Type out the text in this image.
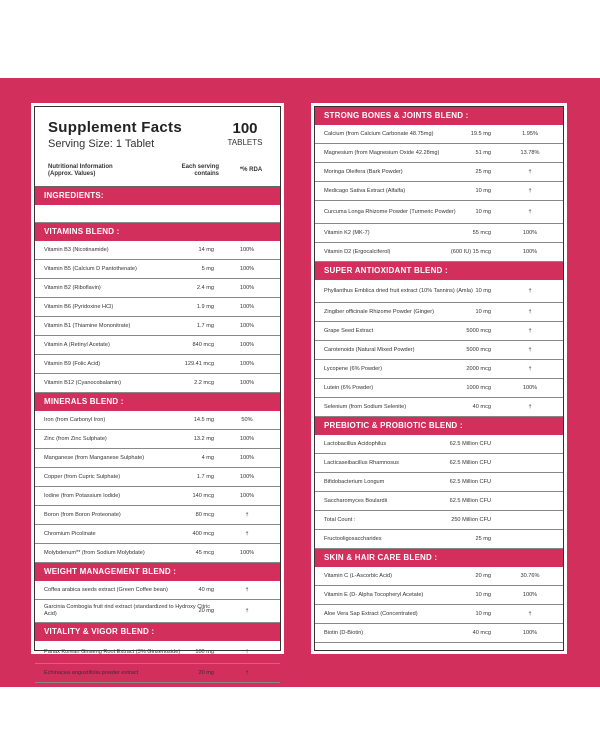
Supplement Facts
Serving Size: 1 Tablet
100
TABLETS
Nutritional Information (Approx. Values)
Each serving contains
*% RDA
INGREDIENTS:
VITAMINS BLEND :
Vitamin B3 (Nicotinamide)	14 mg	100%
Vitamin B5 (Calcium D Pantothenate)	5 mg	100%
Vitamin B2 (Riboflavin)	2.4 mg	100%
Vitamin B6 (Pyridoxine HCl)	1.9 mg	100%
Vitamin B1 (Thiamine Mononitrate)	1.7 mg	100%
Vitamin A (Retinyl Acetate)	840 mcg	100%
Vitamin B9 (Folic Acid)	129.41 mcg	100%
Vitamin B12 (Cyanocobalamin)	2.2 mcg	100%
MINERALS BLEND :
Iron (from Carbonyl Iron)	14.5 mg	50%
Zinc (from Zinc Sulphate)	13.2 mg	100%
Manganese (from Manganese Sulphate)	4 mg	100%
Copper (from Cupric Sulphate)	1.7 mg	100%
Iodine (from Potassium Iodide)	140 mcg	100%
Boron (from Boron Proteonate)	80 mcg	†
Chromium Picolinate	400 mcg	†
Molybdenum** (from Sodium Molybdate)	45 mcg	100%
WEIGHT MANAGEMENT BLEND :
Coffea arabica seeds extract (Green Coffee bean)	40 mg	†
Garcinia Combogia fruit rind extract (standardized to Hydroxy Citric Acid)	20 mg	†
VITALITY & VIGOR BLEND :
Panax Korean Ginseng Root Extract (3% Ginsenoside)	100 mg	†
Echinacea angustifolia powder extract	20 mg	†
STRONG BONES & JOINTS BLEND :
Calcium (from Calcium Carbonate 48.75mg)	19.5 mg	1.95%
Magnesium (from Magnesium Oxide 42.28mg)	51 mg	13.78%
Moringa Oleifera (Bark Powder)	25 mg	†
Medicago Sativa Extract (Alfalfa)	10 mg	†
Curcuma Longa Rhizome Powder (Turmeric Powder)	10 mg	†
Vitamin K2 (MK-7)	55 mcg	100%
Vitamin D2 (Ergocalciferol)	(600 IU) 15 mcg	100%
SUPER ANTIOXIDANT BLEND :
Phyllanthus Emblica dried fruit extract (10% Tannins) (Amla) 10 mg	†
Zingiber officinale Rhizome Powder (Ginger)	10 mg	†
Grape Seed Extract	5000 mcg	†
Carotenoids (Natural Mixed Powder)	5000 mcg	†
Lycopene (6% Powder)	2000 mcg	†
Lutein (6% Powder)	1000 mcg	100%
Selenium (from Sodium Selenite)	40 mcg	†
PREBIOTIC & PROBIOTIC BLEND :
Lactobacillus Acidophilus	62.5 Million CFU
Lacticaseibacillus Rhamnosus	62.5 Million CFU
Bifidobacterium Longum	62.5 Million CFU
Saccharomyces Boulardii	62.5 Million CFU
Total Count :	250 Million CFU
Fructooligosaccharides	25 mg
SKIN & HAIR CARE BLEND :
Vitamin C (L-Ascorbic Acid)	20 mg	30.76%
Vitamin E (D- Alpha Tocopheryl Acetate)	10 mg	100%
Aloe Vera Sap Extract (Concentrated)	10 mg	†
Biotin (D-Biotin)	40 mcg	100%
